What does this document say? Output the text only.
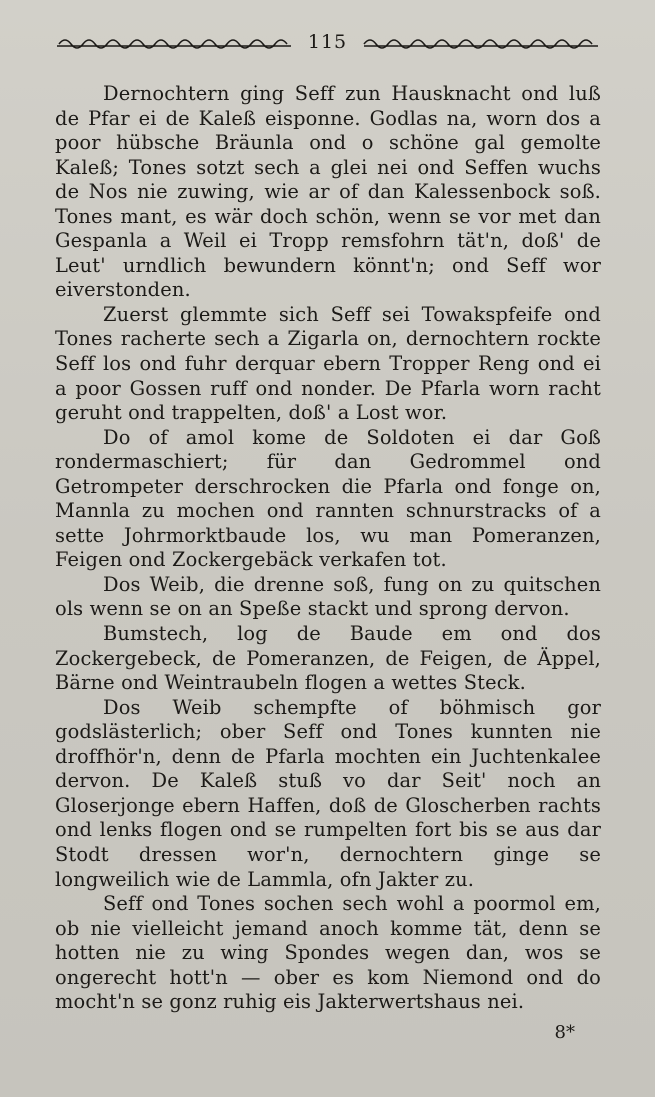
115

Dernochtern ging Seff zun Hausknacht ond luß de Pfar ei de Kaleß eisponne. Godlas na, worn dos a poor hübsche Bräunla ond o schöne gal gemolte Kaleß; Tones sotzt sech a glei nei ond Seffen wuchs de Nos nie zuwing, wie ar of dan Kalessenbock soß. Tones mant, es wär doch schön, wenn se vor met dan Gespanla a Weil ei Tropp remsfohrn tät'n, doß' de Leut' urndlich bewundern könnt'n; ond Seff wor eiverstonden.

Zuerst glemmte sich Seff sei Towakspfeife ond Tones racherte sech a Zigarla on, dernochtern rockte Seff los ond fuhr derquar ebern Tropper Reng ond ei a poor Gossen ruff ond nonder. De Pfarla worn racht geruht ond trappelten, doß' a Lost wor.

Do of amol kome de Soldoten ei dar Goß rondermaschiert; für dan Gedrommel ond Getrompeter derschrocken die Pfarla ond fonge on, Mannla zu mochen ond rannten schnurstracks of a sette Johrmorktbaude los, wu man Pomeranzen, Feigen ond Zockergebäck verkafen tot.

Dos Weib, die drenne soß, fung on zu quitschen ols wenn se on an Speße stackt und sprong dervon.

Bumstech, log de Baude em ond dos Zockergebeck, de Pomeranzen, de Feigen, de Äppel, Bärne ond Weintraubeln flogen a wettes Steck.

Dos Weib schempfte of böhmisch gor godslästerlich; ober Seff ond Tones kunnten nie droffhör'n, denn de Pfarla mochten ein Juchtenkalee dervon. De Kaleß stuß vo dar Seit' noch an Gloserjonge ebern Haffen, doß de Gloscherben rachts ond lenks flogen ond se rumpelten fort bis se aus dar Stodt dressen wor'n, dernochtern ginge se longweilich wie de Lammla, ofn Jakter zu.

Seff ond Tones sochen sech wohl a poormol em, ob nie vielleicht jemand anoch komme tät, denn se hotten nie zu wing Spondes wegen dan, wos se ongerecht hott'n — ober es kom Niemond ond do mocht'n se gonz ruhig eis Jakterwertshaus nei.

8*
